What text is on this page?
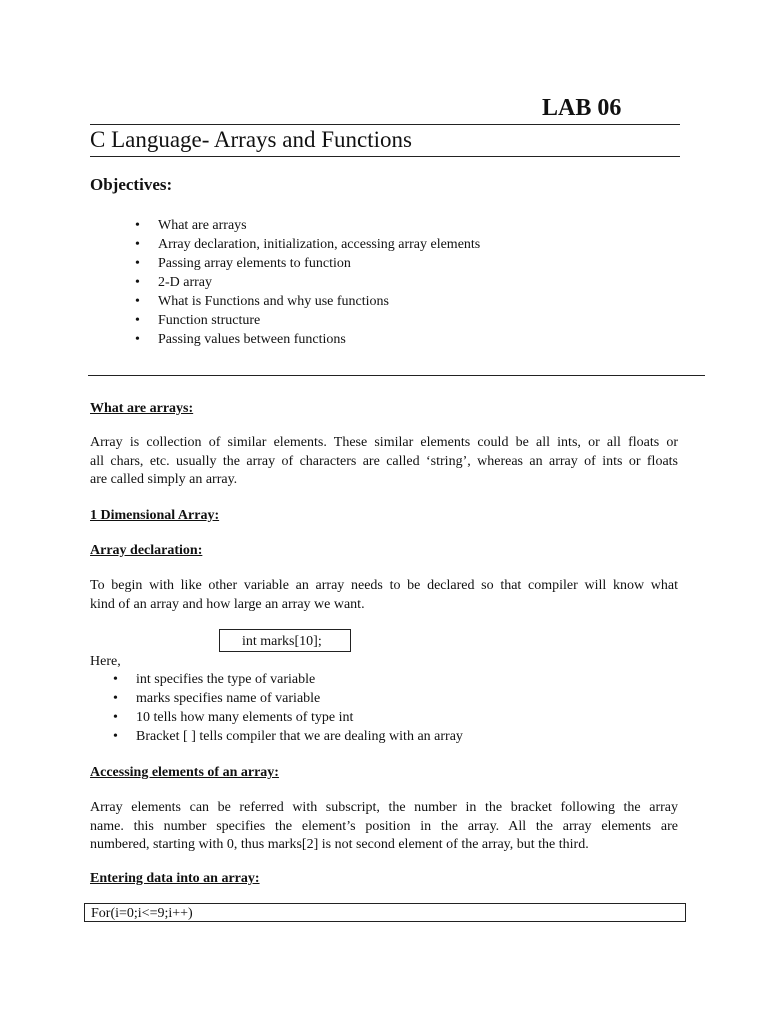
LAB 06
C Language- Arrays and Functions
Objectives:
• What are arrays
• Array declaration, initialization, accessing array elements
• Passing array elements to function
• 2-D array
• What is Functions and why use functions
• Function structure
• Passing values between functions
What are arrays:
Array is collection of similar elements. These similar elements could be all ints, or all floats or
all chars, etc. usually the array of characters are called ‘string’, whereas an array of ints or floats
are called simply an array.
1 Dimensional Array:
Array declaration:
To begin with like other variable an array needs to be declared so that compiler will know what
kind of an array and how large an array we want.
int marks[10];
Here,
• int specifies the type of variable
• marks specifies name of variable
• 10 tells how many elements of type int
• Bracket [ ] tells compiler that we are dealing with an array
Accessing elements of an array:
Array elements can be referred with subscript, the number in the bracket following the array
name. this number specifies the element’s position in the array. All the array elements are
numbered, starting with 0, thus marks[2] is not second element of the array, but the third.
Entering data into an array:
For(i=0;i<=9;i++)
